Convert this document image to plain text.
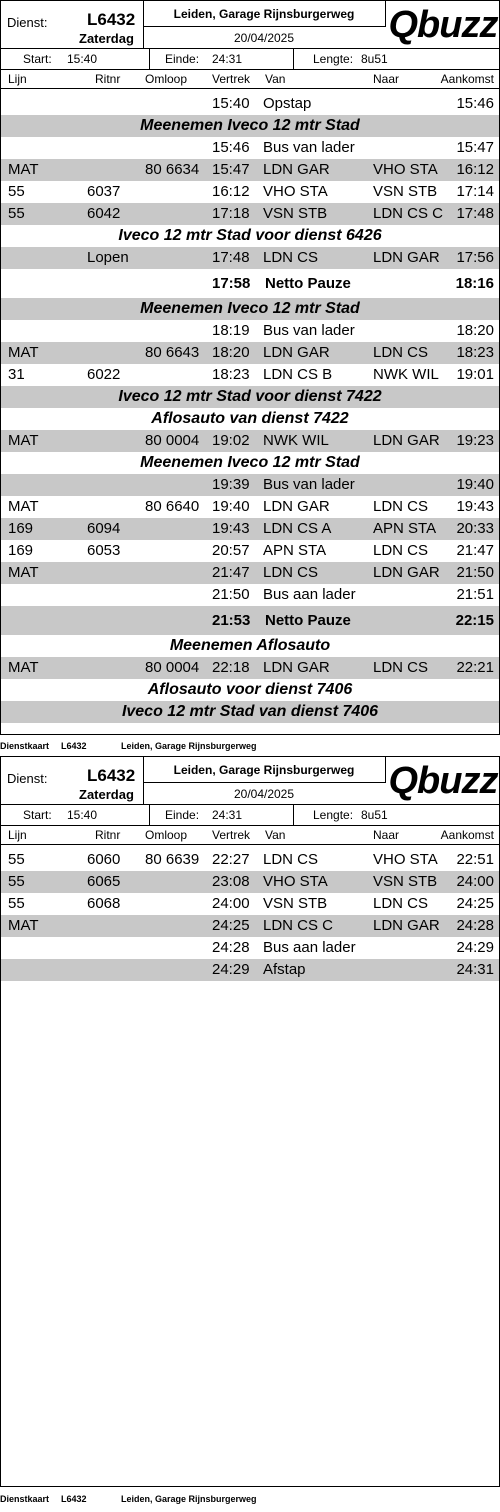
Dienst: L6432
Zaterdag
Leiden, Garage Rijnsburgerweg
20/04/2025	Qbuzz
Start: 15:40	Einde: 24:31	Lengte: 8u51
Lijn	Ritnr Omloop Vertrek Van	Naar	Aankomst
15:40 Opstap	15:46
Meenemen Iveco 12 mtr Stad
15:46 Bus van lader	15:47
MAT	80 6634 15:47 LDN GAR	VHO STA 16:12
55	6037	16:12 VHO STA	VSN STB 17:14
55	6042	17:18 VSN STB	LDN CS C 17:48
Iveco 12 mtr Stad voor dienst 6426
Lopen	17:48 LDN CS	LDN GAR 17:56
17:58 Netto Pauze	18:16
Meenemen Iveco 12 mtr Stad
18:19 Bus van lader	18:20
MAT	80 6643 18:20 LDN GAR	LDN CS 18:23
31	6022	18:23 LDN CS B	NWK WIL 19:01
Iveco 12 mtr Stad voor dienst 7422
Aflosauto van dienst 7422
MAT	80 0004 19:02 NWK WIL	LDN GAR 19:23
Meenemen Iveco 12 mtr Stad
19:39 Bus van lader	19:40
MAT	80 6640 19:40 LDN GAR	LDN CS 19:43
169	6094	19:43 LDN CS A	APN STA 20:33
169	6053	20:57 APN STA	LDN CS 21:47
MAT	21:47 LDN CS	LDN GAR 21:50
21:50 Bus aan lader	21:51
21:53 Netto Pauze	22:15
Meenemen Aflosauto
MAT	80 0004 22:18 LDN GAR	LDN CS 22:21
Aflosauto voor dienst 7406
Iveco 12 mtr Stad van dienst 7406
Dienstkaart L6432	Leiden, Garage Rijnsburgerweg
Dienst: L6432
Zaterdag
Leiden, Garage Rijnsburgerweg
20/04/2025	Qbuzz
Start: 15:40	Einde: 24:31	Lengte: 8u51
Lijn	Ritnr Omloop Vertrek Van	Naar	Aankomst
55	6060 80 6639 22:27 LDN CS	VHO STA 22:51
55	6065	23:08 VHO STA	VSN STB 24:00
55	6068	24:00 VSN STB	LDN CS 24:25
MAT	24:25 LDN CS C	LDN GAR 24:28
24:28 Bus aan lader	24:29
24:29 Afstap	24:31
Dienstkaart L6432	Leiden, Garage Rijnsburgerweg
